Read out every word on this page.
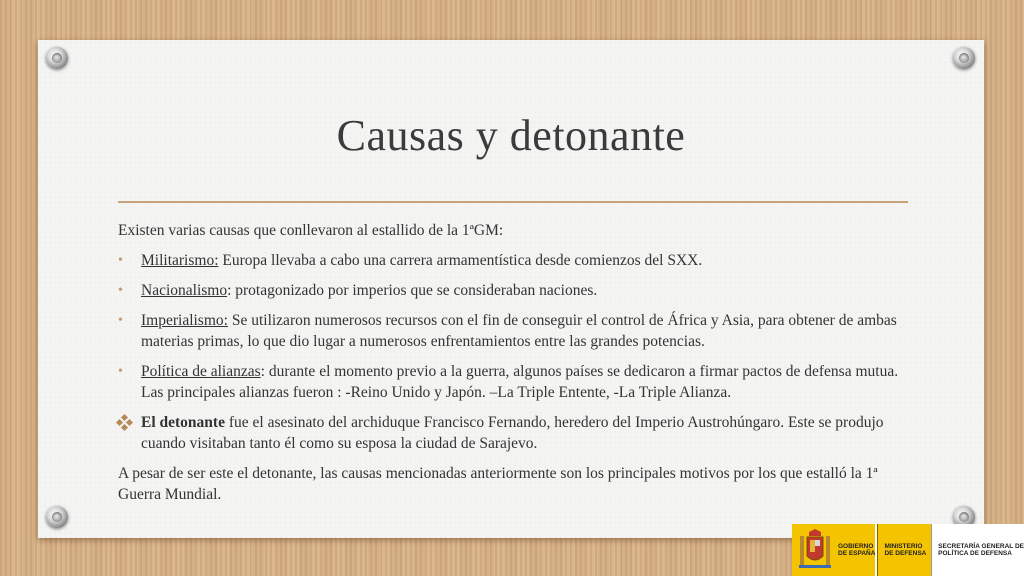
Causas y detonante

Existen varias causas que conllevaron al estallido de la 1ªGM:

• Militarismo: Europa llevaba a cabo una carrera armamentística desde comienzos del SXX.
• Nacionalismo: protagonizado por imperios que se consideraban naciones.
• Imperialismo: Se utilizaron numerosos recursos con el fin de conseguir el control de África y Asia, para obtener de ambas materias primas, lo que dio lugar a numerosos enfrentamientos entre las grandes potencias.
• Política de alianzas: durante el momento previo a la guerra, algunos países se dedicaron a firmar pactos de defensa mutua. Las principales alianzas fueron : -Reino Unido y Japón. –La Triple Entente, -La Triple Alianza.
El detonante fue el asesinato del archiduque Francisco Fernando, heredero del Imperio Austrohúngaro. Este se produjo cuando visitaban tanto él como su esposa la ciudad de Sarajevo.

A pesar de ser este el detonante, las causas mencionadas anteriormente son los principales motivos por los que estalló la 1ª Guerra Mundial.

GOBIERNO
DE ESPAÑA
MINISTERIO
DE DEFENSA
SECRETARÍA GENERAL DE
POLÍTICA DE DEFENSA
